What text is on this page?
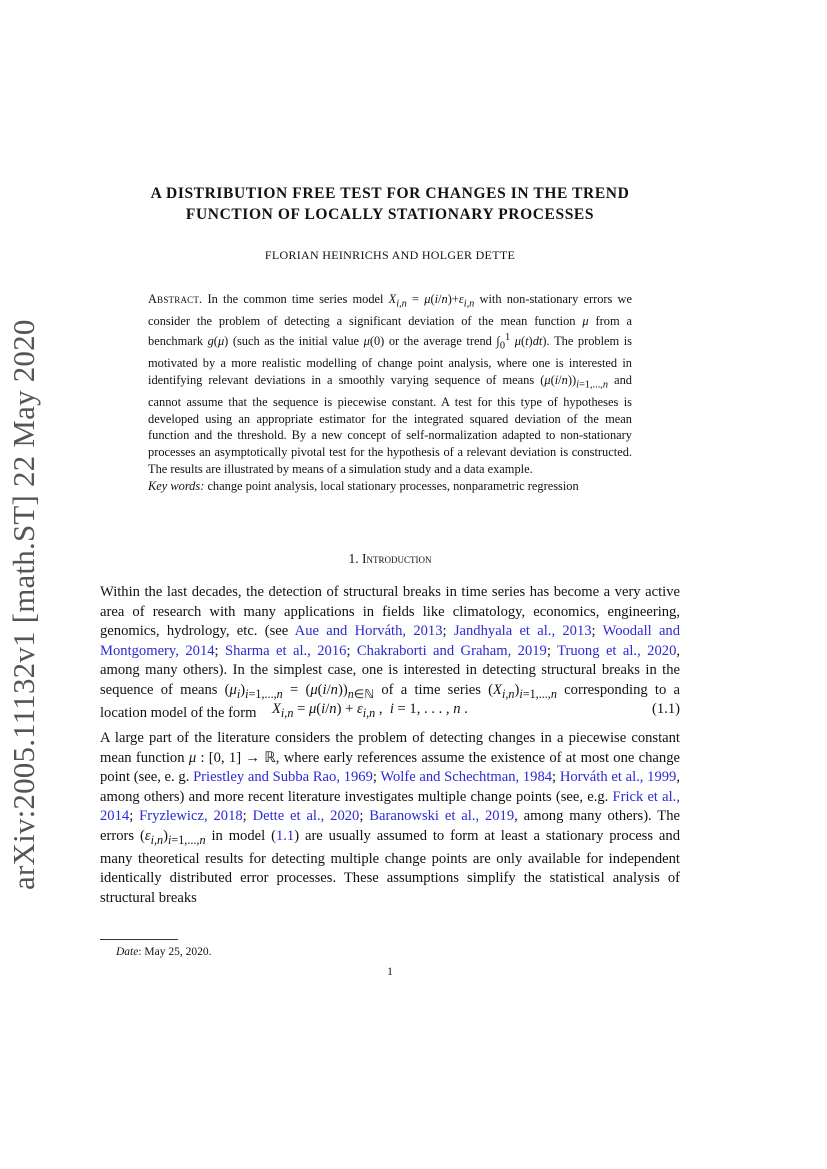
arXiv:2005.11132v1 [math.ST] 22 May 2020
A DISTRIBUTION FREE TEST FOR CHANGES IN THE TREND
FUNCTION OF LOCALLY STATIONARY PROCESSES
FLORIAN HEINRICHS AND HOLGER DETTE
Abstract. In the common time series model $X_{i,n} = \mu(i/n)+\varepsilon_{i,n}$ with non-stationary errors we consider the problem of detecting a significant deviation of the mean function μ from a benchmark g(μ) (such as the initial value μ(0) or the average trend $\int_0^1$ μ(t)dt). The problem is motivated by a more realistic modelling of change point analysis, where one is interested in identifying relevant deviations in a smoothly varying sequence of means $(\mu(i/n))_{i=1,...,n}$ and cannot assume that the sequence is piecewise constant. A test for this type of hypotheses is developed using an appropriate estimator for the integrated squared deviation of the mean function and the threshold. By a new concept of self-normalization adapted to non-stationary processes an asymptotically pivotal test for the hypothesis of a relevant deviation is constructed. The results are illustrated by means of a simulation study and a data example.
Key words: change point analysis, local stationary processes, nonparametric regression
1. Introduction
Within the last decades, the detection of structural breaks in time series has become a very active area of research with many applications in fields like climatology, economics, engineering, genomics, hydrology, etc. (see Aue and Horváth, 2013; Jandhyala et al., 2013; Woodall and Montgomery, 2014; Sharma et al., 2016; Chakraborti and Graham, 2019; Truong et al., 2020, among many others). In the simplest case, one is interested in detecting structural breaks in the sequence of means $(\mu_i)_{i=1,...,n} = (\mu(i/n))_{n\in ℕ}$ of a time series $(X_{i,n})_{i=1,...,n}$ corresponding to a location model of the form	$X_{i,n} = \mu(i/n) + \varepsilon_{i,n}$ ,  i = 1, . . . , n .	(1.1)
A large part of the literature considers the problem of detecting changes in a piecewise constant mean function μ : [0, 1] → ℝ, where early references assume the existence of at most one change point (see, e. g. Priestley and Subba Rao, 1969; Wolfe and Schechtman, 1984; Horváth et al., 1999, among others) and more recent literature investigates multiple change points (see, e.g. Frick et al., 2014; Fryzlewicz, 2018; Dette et al., 2020; Baranowski et al., 2019, among many others). The errors $(\varepsilon_{i,n})_{i=1,...,n}$ in model (1.1) are usually assumed to form at least a stationary process and many theoretical results for detecting multiple change points are only available for independent identically distributed error processes. These assumptions simplify the statistical analysis of structural breaks
Date: May 25, 2020.
1
